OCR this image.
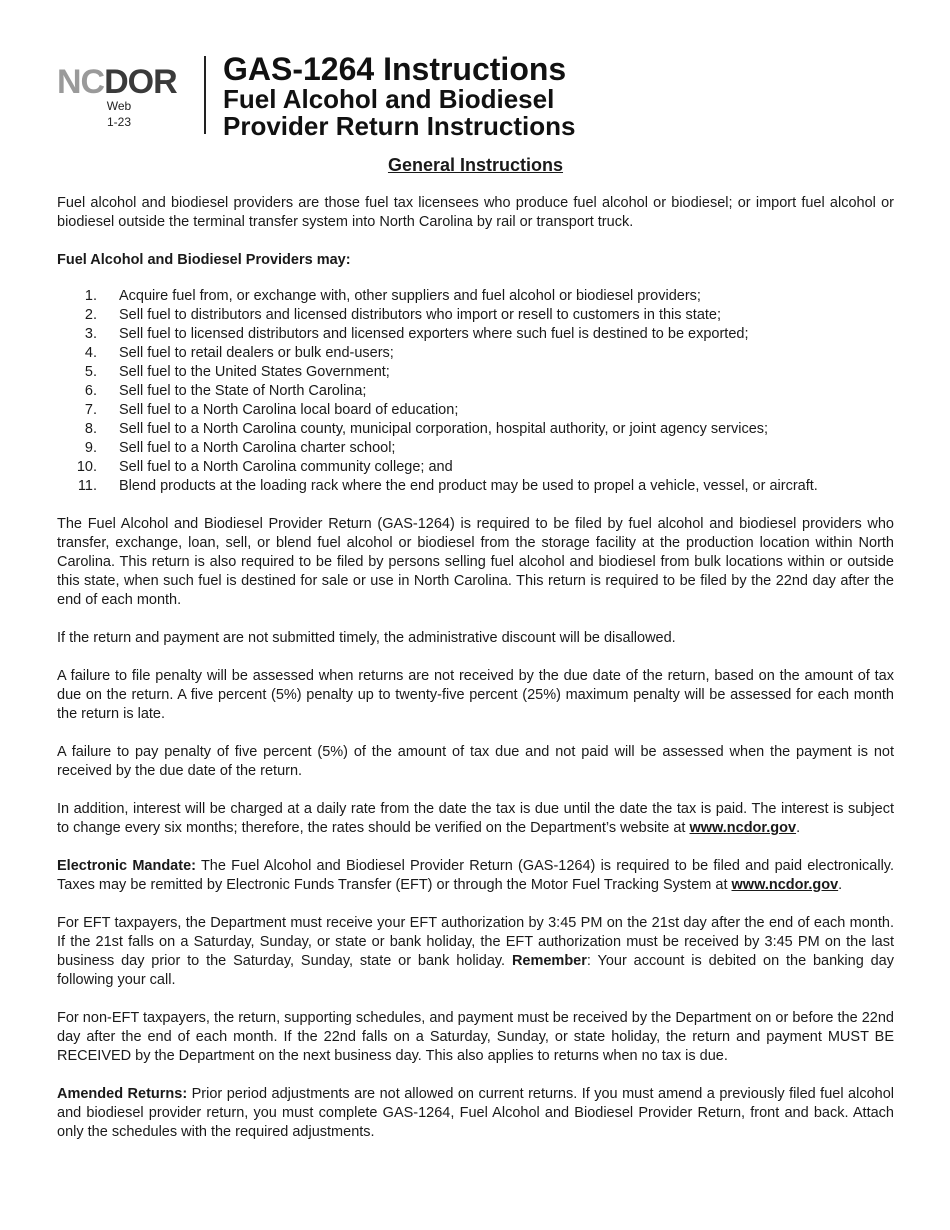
NCDOR
Web
1-23
GAS-1264 Instructions
Fuel Alcohol and Biodiesel
Provider Return Instructions
General Instructions

Fuel alcohol and biodiesel providers are those fuel tax licensees who produce fuel alcohol or biodiesel; or import fuel alcohol or biodiesel outside the terminal transfer system into North Carolina by rail or transport truck.

Fuel Alcohol and Biodiesel Providers may:
1.	Acquire fuel from, or exchange with, other suppliers and fuel alcohol or biodiesel providers;
2.	Sell fuel to distributors and licensed distributors who import or resell to customers in this state;
3.	Sell fuel to licensed distributors and licensed exporters where such fuel is destined to be exported;
4.	Sell fuel to retail dealers or bulk end-users;
5.	Sell fuel to the United States Government;
6.	Sell fuel to the State of North Carolina;
7.	Sell fuel to a North Carolina local board of education;
8.	Sell fuel to a North Carolina county, municipal corporation, hospital authority, or joint agency services;
9.	Sell fuel to a North Carolina charter school;
10.	Sell fuel to a North Carolina community college; and
11.	Blend products at the loading rack where the end product may be used to propel a vehicle, vessel, or aircraft.

The Fuel Alcohol and Biodiesel Provider Return (GAS-1264) is required to be filed by fuel alcohol and biodiesel providers who transfer, exchange, loan, sell, or blend fuel alcohol or biodiesel from the storage facility at the production location within North Carolina. This return is also required to be filed by persons selling fuel alcohol and biodiesel from bulk locations within or outside this state, when such fuel is destined for sale or use in North Carolina. This return is required to be filed by the 22nd day after the end of each month.

If the return and payment are not submitted timely, the administrative discount will be disallowed.

A failure to file penalty will be assessed when returns are not received by the due date of the return, based on the amount of tax due on the return. A five percent (5%) penalty up to twenty-five percent (25%) maximum penalty will be assessed for each month the return is late.

A failure to pay penalty of five percent (5%) of the amount of tax due and not paid will be assessed when the payment is not received by the due date of the return.

In addition, interest will be charged at a daily rate from the date the tax is due until the date the tax is paid. The interest is subject to change every six months; therefore, the rates should be verified on the Department’s website at www.ncdor.gov.

Electronic Mandate: The Fuel Alcohol and Biodiesel Provider Return (GAS-1264) is required to be filed and paid electronically. Taxes may be remitted by Electronic Funds Transfer (EFT) or through the Motor Fuel Tracking System at www.ncdor.gov.

For EFT taxpayers, the Department must receive your EFT authorization by 3:45 PM on the 21st day after the end of each month. If the 21st falls on a Saturday, Sunday, or state or bank holiday, the EFT authorization must be received by 3:45 PM on the last business day prior to the Saturday, Sunday, state or bank holiday. Remember: Your account is debited on the banking day following your call.

For non-EFT taxpayers, the return, supporting schedules, and payment must be received by the Department on or before the 22nd day after the end of each month. If the 22nd falls on a Saturday, Sunday, or state holiday, the return and payment MUST BE RECEIVED by the Department on the next business day. This also applies to returns when no tax is due.

Amended Returns: Prior period adjustments are not allowed on current returns. If you must amend a previously filed fuel alcohol and biodiesel provider return, you must complete GAS-1264, Fuel Alcohol and Biodiesel Provider Return, front and back. Attach only the schedules with the required adjustments.
